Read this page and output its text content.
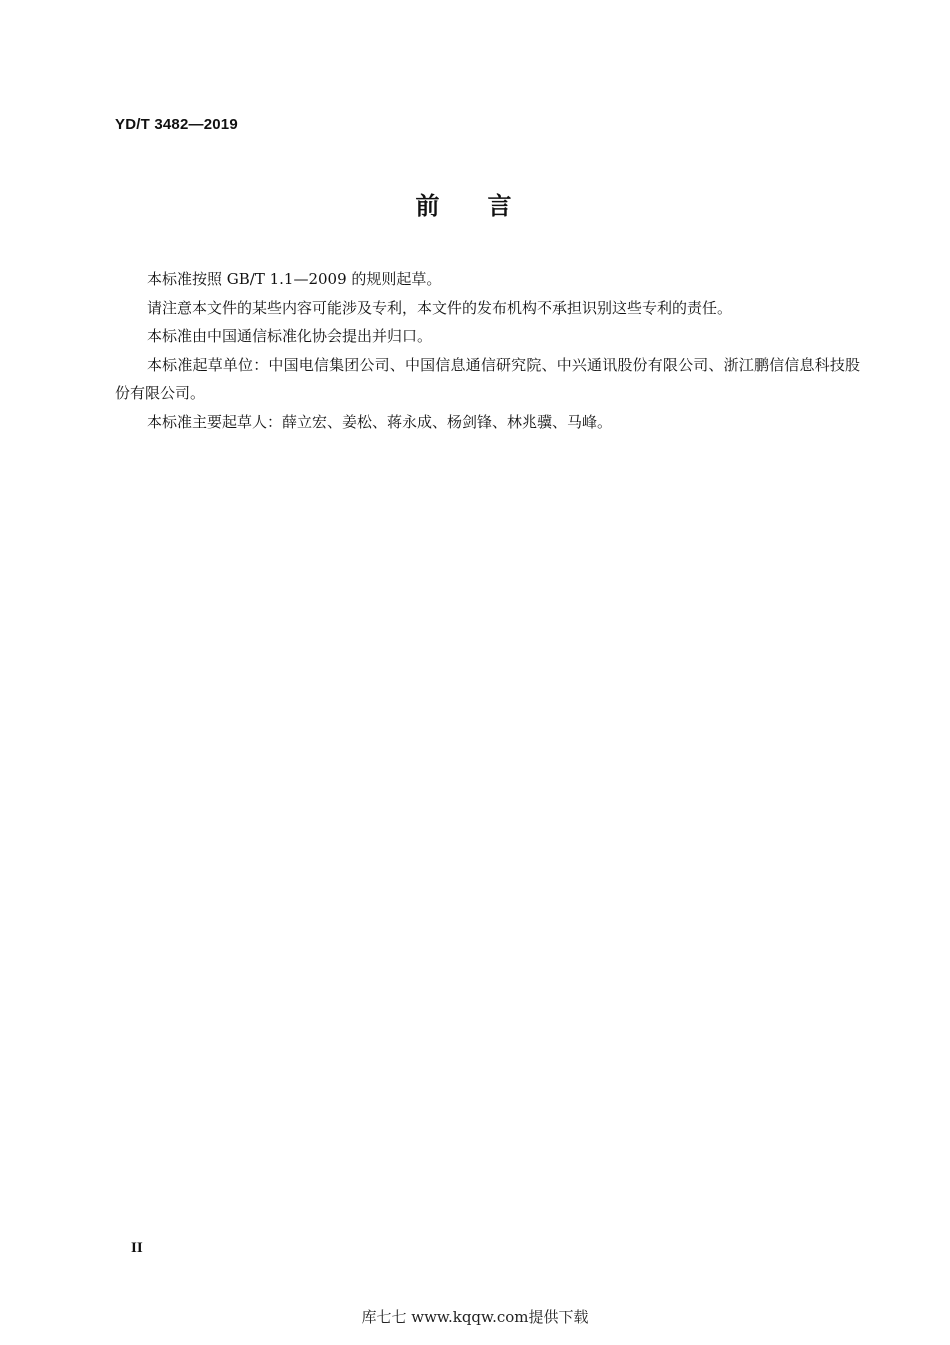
YD/T 3482—2019
前言

本标准按照 GB/T 1.1—2009 的规则起草。

请注意本文件的某些内容可能涉及专利，本文件的发布机构不承担识别这些专利的责任。

本标准由中国通信标准化协会提出并归口。

本标准起草单位：中国电信集团公司、中国信息通信研究院、中兴通讯股份有限公司、浙江鹏信信息科技股份有限公司。

本标准主要起草人：薛立宏、姜松、蒋永成、杨剑锋、林兆骥、马峰。

II
库七七 www.kqqw.com提供下载
